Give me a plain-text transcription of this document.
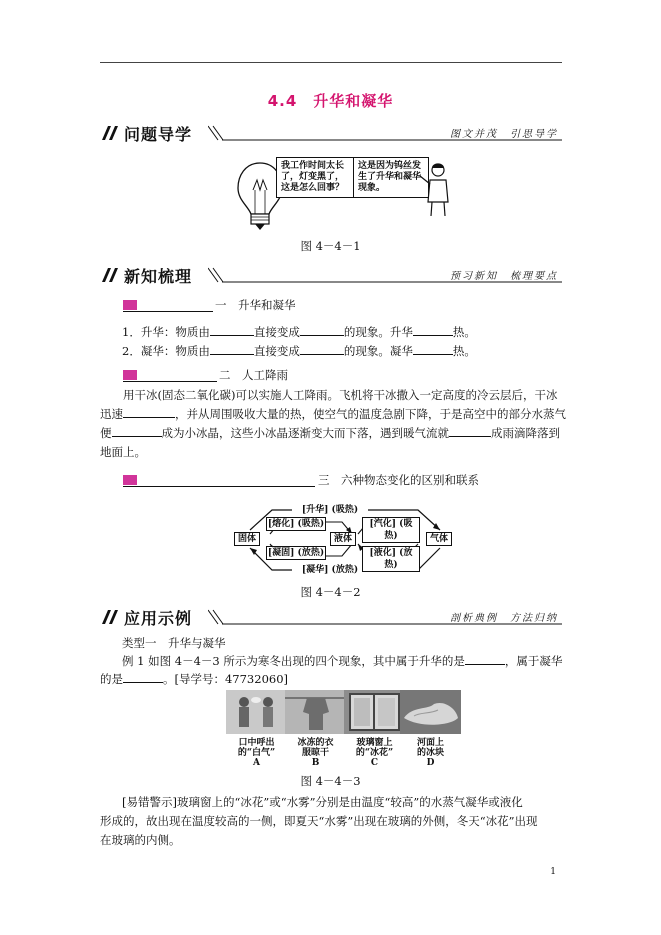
4.4　升华和凝华
问题导学	图文并茂　引思导学
我工作时间太长了，灯变黑了，这是怎么回事？
这是因为钨丝发生了升华和凝华现象。
图 4－4－1
新知梳理	预习新知　梳理要点
一　升华和凝华
1．升华：物质由	直接变成	的现象。升华	热。
2．凝华：物质由	直接变成	的现象。凝华	热。
二　人工降雨
用干冰(固态二氧化碳)可以实施人工降雨。飞机将干冰撒入一定高度的冷云层后，干冰
迅速	，并从周围吸收大量的热，使空气的温度急剧下降，于是高空中的部分水蒸气
便	成为小冰晶，这些小冰晶逐渐变大而下落，遇到暖气流就	成雨滴降落到
地面上。
三　六种物态变化的区别和联系
[升华] (吸热)
[凝华] (放热)
固体	液体	气体
[熔化] (吸热)
[凝固] (放热)
[汽化] (吸热)
[液化] (放热)
图 4－4－2
应用示例	剖析典例　方法归纳
类型一　升华与凝华
例 1 如图 4－4－3 所示为寒冬出现的四个现象，其中属于升华的是	，属于凝华
的是	。[导学号：47732060]
口中呼出
的“白气”
A
冰冻的衣
服晾干
B
玻璃窗上
的“冰花”
C
河面上
的冰块
D
图 4－4－3
[易错警示]玻璃窗上的“冰花”或“水雾”分别是由温度“较高”的水蒸气凝华或液化
形成的，故出现在温度较高的一侧，即夏天“水雾”出现在玻璃的外侧，冬天“冰花”出现
在玻璃的内侧。
1
